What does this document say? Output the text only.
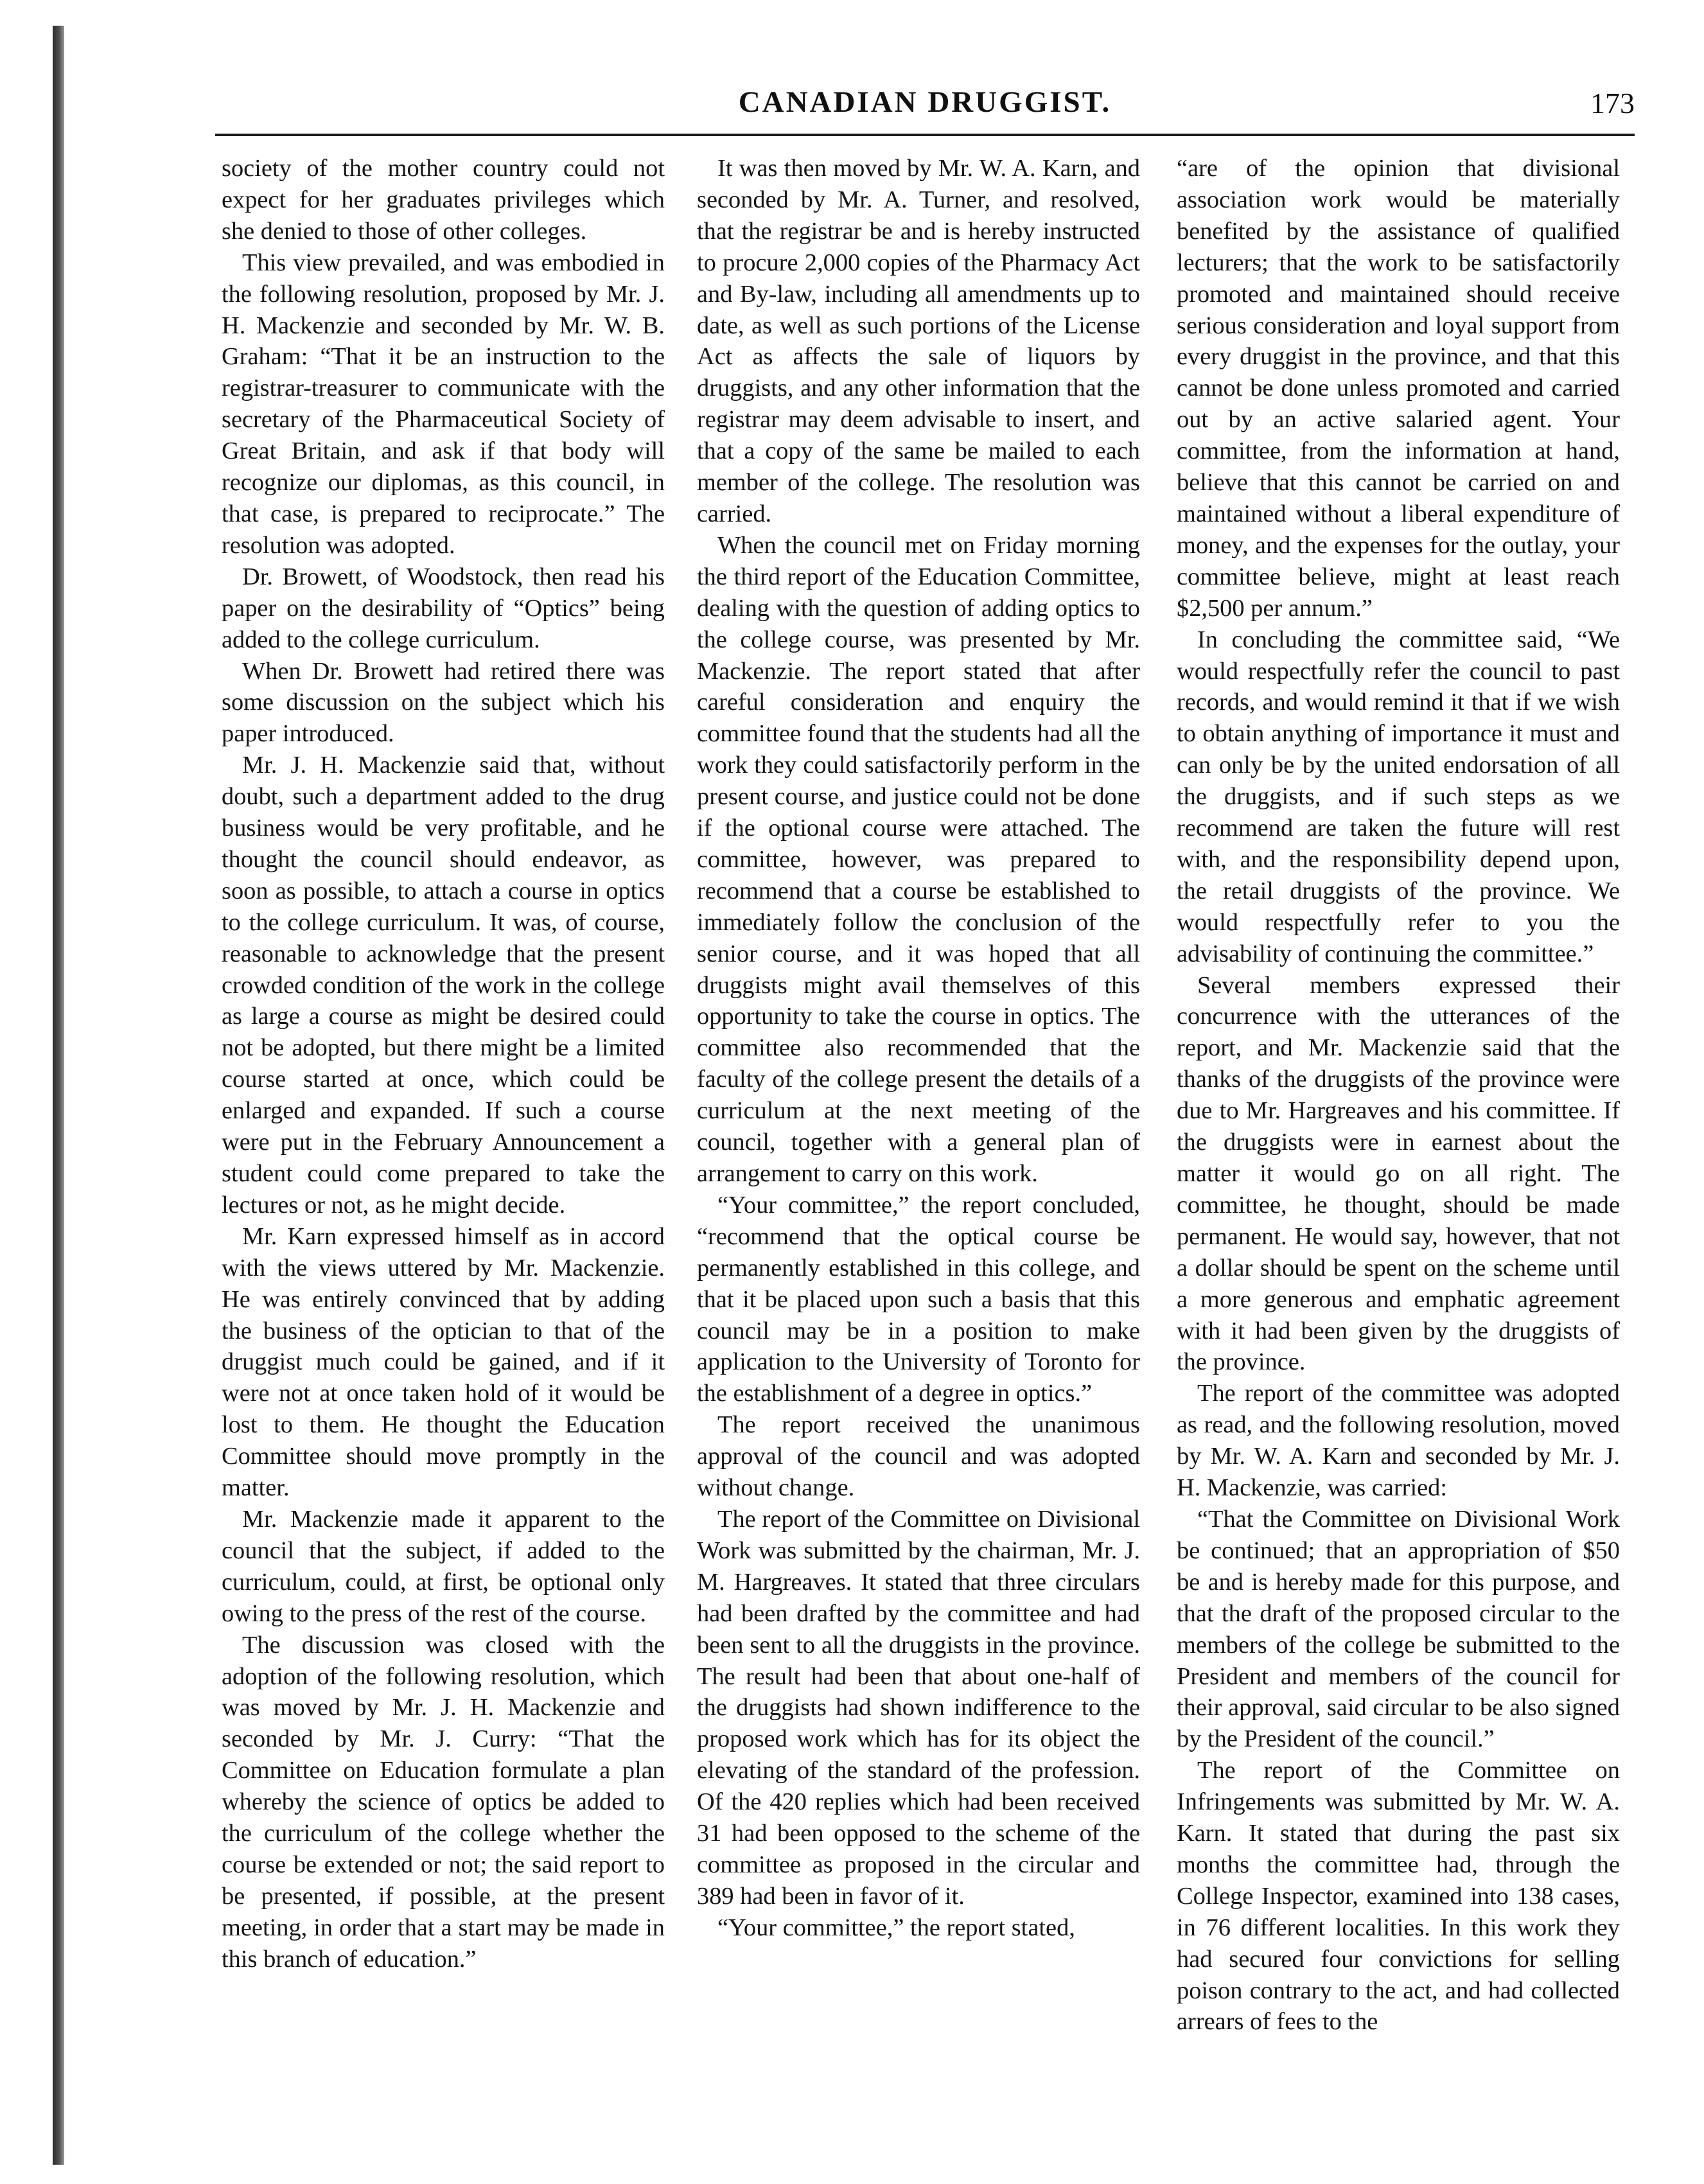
CANADIAN DRUGGIST.	173

society of the mother country could not expect for her graduates privileges which she denied to those of other colleges.

This view prevailed, and was embodied in the following resolution, proposed by Mr. J. H. Mackenzie and seconded by Mr. W. B. Graham: “That it be an instruction to the registrar-treasurer to communicate with the secretary of the Pharmaceutical Society of Great Britain, and ask if that body will recognize our diplomas, as this council, in that case, is prepared to reciprocate.” The resolution was adopted.

Dr. Browett, of Woodstock, then read his paper on the desirability of “Optics” being added to the college curriculum.

When Dr. Browett had retired there was some discussion on the subject which his paper introduced.

Mr. J. H. Mackenzie said that, without doubt, such a department added to the drug business would be very profitable, and he thought the council should endeavor, as soon as possible, to attach a course in optics to the college curriculum. It was, of course, reasonable to acknowledge that the present crowded condition of the work in the college as large a course as might be desired could not be adopted, but there might be a limited course started at once, which could be enlarged and expanded. If such a course were put in the February Announcement a student could come prepared to take the lectures or not, as he might decide.

Mr. Karn expressed himself as in accord with the views uttered by Mr. Mackenzie. He was entirely convinced that by adding the business of the optician to that of the druggist much could be gained, and if it were not at once taken hold of it would be lost to them. He thought the Education Committee should move promptly in the matter.

Mr. Mackenzie made it apparent to the council that the subject, if added to the curriculum, could, at first, be optional only owing to the press of the rest of the course.

The discussion was closed with the adoption of the following resolution, which was moved by Mr. J. H. Mackenzie and seconded by Mr. J. Curry: “That the Committee on Education formulate a plan whereby the science of optics be added to the curriculum of the college whether the course be extended or not; the said report to be presented, if possible, at the present meeting, in order that a start may be made in this branch of education.”

It was then moved by Mr. W. A. Karn, and seconded by Mr. A. Turner, and resolved, that the registrar be and is hereby instructed to procure 2,000 copies of the Pharmacy Act and By-law, including all amendments up to date, as well as such portions of the License Act as affects the sale of liquors by druggists, and any other information that the registrar may deem advisable to insert, and that a copy of the same be mailed to each member of the college. The resolution was carried.

When the council met on Friday morning the third report of the Education Committee, dealing with the question of adding optics to the college course, was presented by Mr. Mackenzie. The report stated that after careful consideration and enquiry the committee found that the students had all the work they could satisfactorily perform in the present course, and justice could not be done if the optional course were attached. The committee, however, was prepared to recommend that a course be established to immediately follow the conclusion of the senior course, and it was hoped that all druggists might avail themselves of this opportunity to take the course in optics. The committee also recommended that the faculty of the college present the details of a curriculum at the next meeting of the council, together with a general plan of arrangement to carry on this work.

“Your committee,” the report concluded, “recommend that the optical course be permanently established in this college, and that it be placed upon such a basis that this council may be in a position to make application to the University of Toronto for the establishment of a degree in optics.”

The report received the unanimous approval of the council and was adopted without change.

The report of the Committee on Divisional Work was submitted by the chairman, Mr. J. M. Hargreaves. It stated that three circulars had been drafted by the committee and had been sent to all the druggists in the province. The result had been that about one-half of the druggists had shown indifference to the proposed work which has for its object the elevating of the standard of the profession. Of the 420 replies which had been received 31 had been opposed to the scheme of the committee as proposed in the circular and 389 had been in favor of it.

“Your committee,” the report stated,

“are of the opinion that divisional association work would be materially benefited by the assistance of qualified lecturers; that the work to be satisfactorily promoted and maintained should receive serious consideration and loyal support from every druggist in the province, and that this cannot be done unless promoted and carried out by an active salaried agent. Your committee, from the information at hand, believe that this cannot be carried on and maintained without a liberal expenditure of money, and the expenses for the outlay, your committee believe, might at least reach $2,500 per annum.”

In concluding the committee said, “We would respectfully refer the council to past records, and would remind it that if we wish to obtain anything of importance it must and can only be by the united endorsation of all the druggists, and if such steps as we recommend are taken the future will rest with, and the responsibility depend upon, the retail druggists of the province. We would respectfully refer to you the advisability of continuing the committee.”

Several members expressed their concurrence with the utterances of the report, and Mr. Mackenzie said that the thanks of the druggists of the province were due to Mr. Hargreaves and his committee. If the druggists were in earnest about the matter it would go on all right. The committee, he thought, should be made permanent. He would say, however, that not a dollar should be spent on the scheme until a more generous and emphatic agreement with it had been given by the druggists of the province.

The report of the committee was adopted as read, and the following resolution, moved by Mr. W. A. Karn and seconded by Mr. J. H. Mackenzie, was carried:

“That the Committee on Divisional Work be continued; that an appropriation of $50 be and is hereby made for this purpose, and that the draft of the proposed circular to the members of the college be submitted to the President and members of the council for their approval, said circular to be also signed by the President of the council.”

The report of the Committee on Infringements was submitted by Mr. W. A. Karn. It stated that during the past six months the committee had, through the College Inspector, examined into 138 cases, in 76 different localities. In this work they had secured four convictions for selling poison contrary to the act, and had collected arrears of fees to the
